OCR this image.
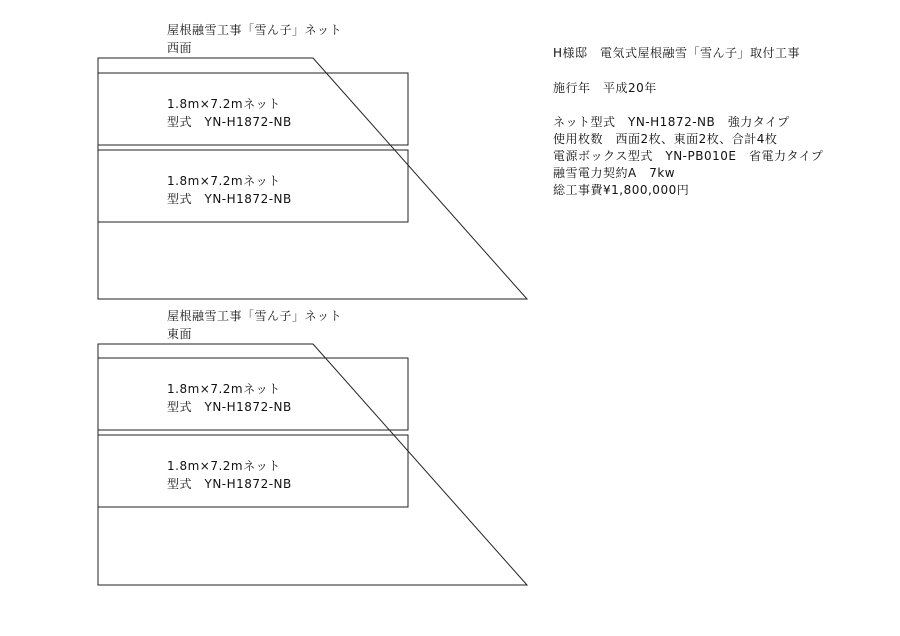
屋根融雪工事「雪ん子」ネット
西面
1.8m×7.2mネット
型式　YN-H1872-NB
1.8m×7.2mネット
型式　YN-H1872-NB
屋根融雪工事「雪ん子」ネット
東面
1.8m×7.2mネット
型式　YN-H1872-NB
1.8m×7.2mネット
型式　YN-H1872-NB
H様邸　電気式屋根融雪「雪ん子」取付工事
施行年　平成20年
ネット型式　YN-H1872-NB　強力タイプ
使用枚数　西面2枚、東面2枚、合計4枚
電源ボックス型式　YN-PB010E　省電力タイプ
融雪電力契約A　7kw
総工事費¥1,800,000円
